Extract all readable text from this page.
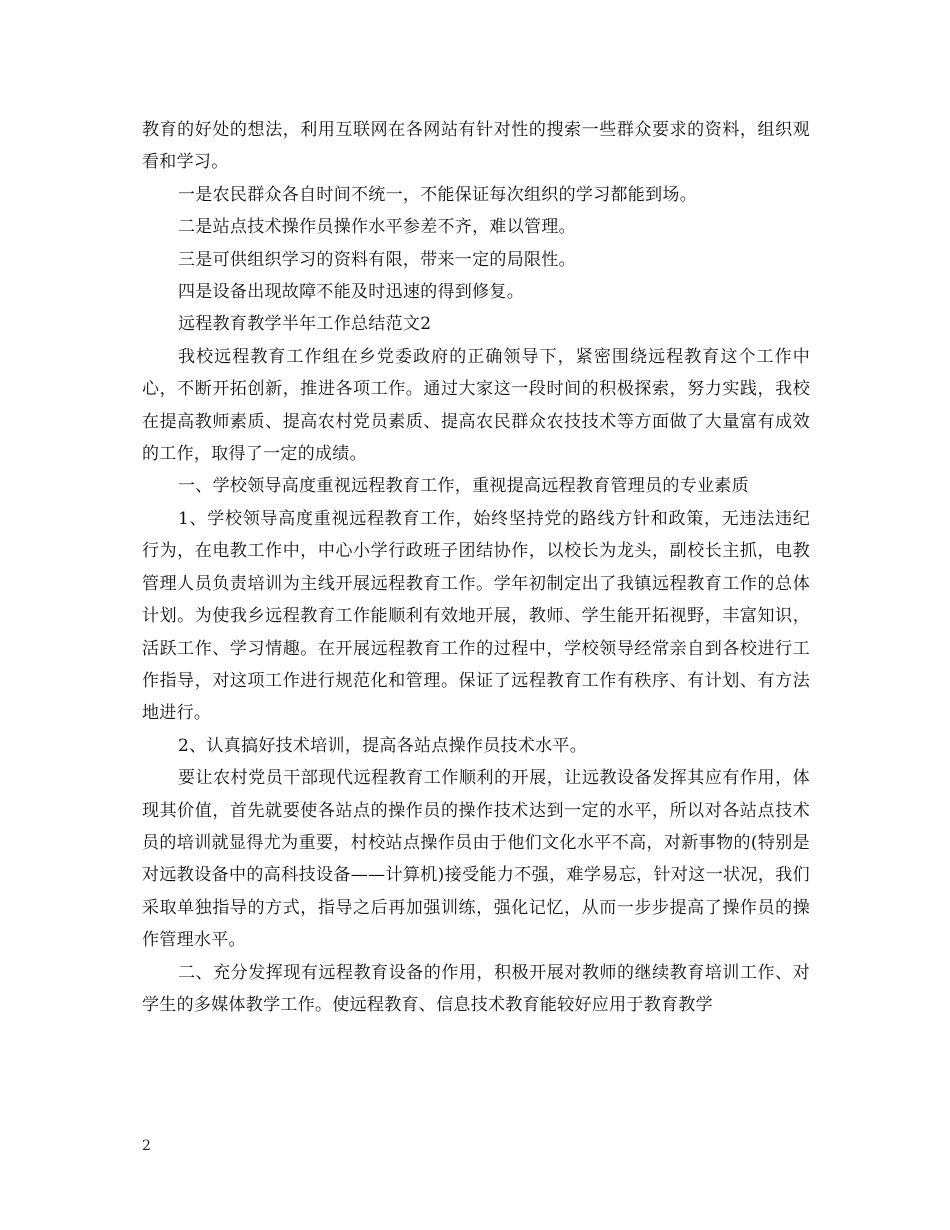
教育的好处的想法，利用互联网在各网站有针对性的搜索一些群众要求的资料，组织观看和学习。

一是农民群众各自时间不统一，不能保证每次组织的学习都能到场。

二是站点技术操作员操作水平参差不齐，难以管理。

三是可供组织学习的资料有限，带来一定的局限性。

四是设备出现故障不能及时迅速的得到修复。

远程教育教学半年工作总结范文2

我校远程教育工作组在乡党委政府的正确领导下，紧密围绕远程教育这个工作中心，不断开拓创新，推进各项工作。通过大家这一段时间的积极探索，努力实践，我校在提高教师素质、提高农村党员素质、提高农民群众农技技术等方面做了大量富有成效的工作，取得了一定的成绩。

一、学校领导高度重视远程教育工作，重视提高远程教育管理员的专业素质

1、学校领导高度重视远程教育工作，始终坚持党的路线方针和政策，无违法违纪行为，在电教工作中，中心小学行政班子团结协作，以校长为龙头，副校长主抓，电教管理人员负责培训为主线开展远程教育工作。学年初制定出了我镇远程教育工作的总体计划。为使我乡远程教育工作能顺利有效地开展，教师、学生能开拓视野，丰富知识，活跃工作、学习情趣。在开展远程教育工作的过程中，学校领导经常亲自到各校进行工作指导，对这项工作进行规范化和管理。保证了远程教育工作有秩序、有计划、有方法地进行。

2、认真搞好技术培训，提高各站点操作员技术水平。

要让农村党员干部现代远程教育工作顺利的开展，让远教设备发挥其应有作用，体现其价值，首先就要使各站点的操作员的操作技术达到一定的水平，所以对各站点技术员的培训就显得尤为重要，村校站点操作员由于他们文化水平不高，对新事物的(特别是对远教设备中的高科技设备——计算机)接受能力不强，难学易忘，针对这一状况，我们采取单独指导的方式，指导之后再加强训练，强化记忆，从而一步步提高了操作员的操作管理水平。

二、充分发挥现有远程教育设备的作用，积极开展对教师的继续教育培训工作、对学生的多媒体教学工作。使远程教育、信息技术教育能较好应用于教育教学

2
